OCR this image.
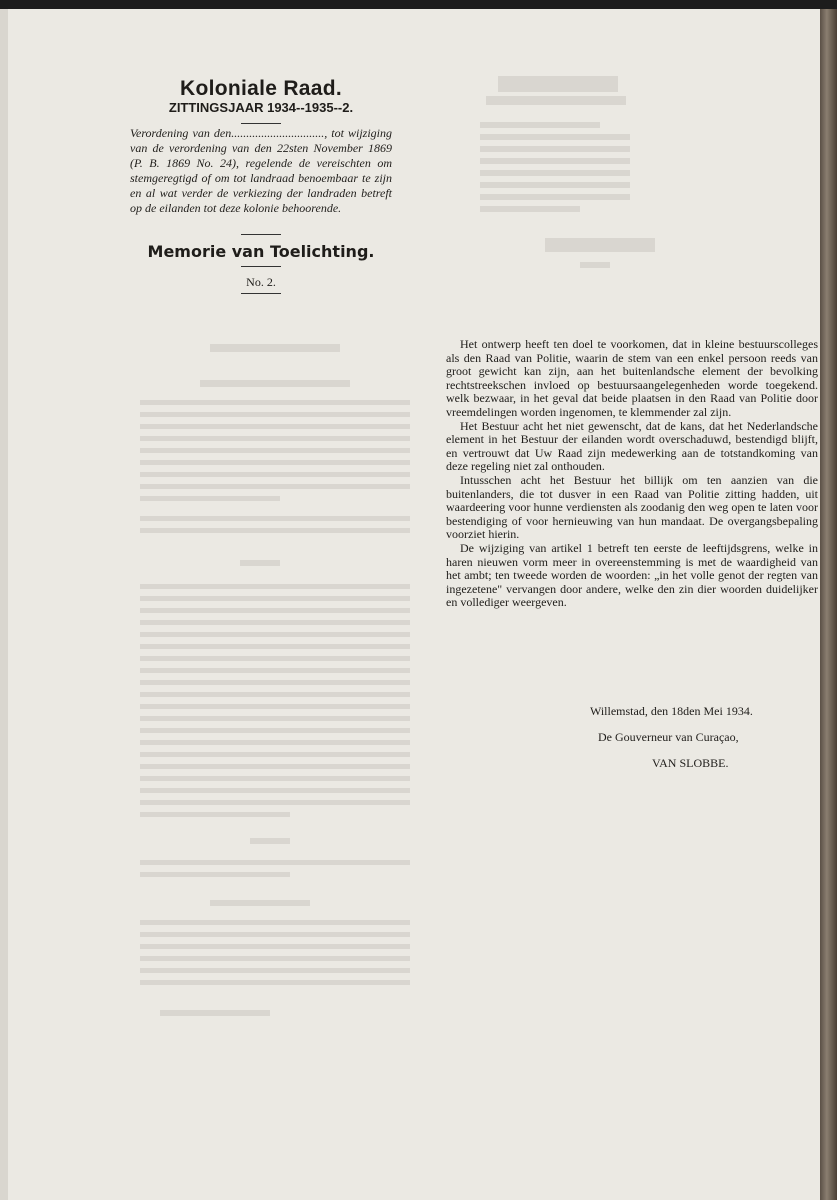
Koloniale Raad.
ZITTINGSJAAR 1934--1935--2.
Verordening van den..............................., tot wijziging van de verordening van den 22sten November 1869 (P. B. 1869 No. 24), regelende de vereischten om stemgeregtigd of om tot landraad benoembaar te zijn en al wat verder de verkiezing der landraden betreft op de eilanden tot deze kolonie behoorende.
Memorie van Toelichting.
No. 2.

Het ontwerp heeft ten doel te voorkomen, dat in kleine bestuurscolleges als den Raad van Politie, waarin de stem van een enkel persoon reeds van groot gewicht kan zijn, aan het buitenlandsche element der bevolking rechtstreekschen invloed op bestuursaangelegenheden worde toegekend. welk bezwaar, in het geval dat beide plaatsen in den Raad van Politie door vreemdelingen worden ingenomen, te klemmender zal zijn.

Het Bestuur acht het niet gewenscht, dat de kans, dat het Nederlandsche element in het Bestuur der eilanden wordt overschaduwd, bestendigd blijft, en vertrouwt dat Uw Raad zijn medewerking aan de totstandkoming van deze regeling niet zal onthouden.

Intusschen acht het Bestuur het billijk om ten aanzien van die buitenlanders, die tot dusver in een Raad van Politie zitting hadden, uit waardeering voor hunne verdiensten als zoodanig den weg open te laten voor bestendiging of voor hernieuwing van hun mandaat. De overgangsbepaling voorziet hierin.

De wijziging van artikel 1 betreft ten eerste de leeftijdsgrens, welke in haren nieuwen vorm meer in overeenstemming is met de waardigheid van het ambt; ten tweede worden de woorden: „in het volle genot der regten van ingezetene" vervangen door andere, welke den zin dier woorden duidelijker en vollediger weergeven.

Willemstad, den 18den Mei 1934.
De Gouverneur van Curaçao,
VAN SLOBBE.
